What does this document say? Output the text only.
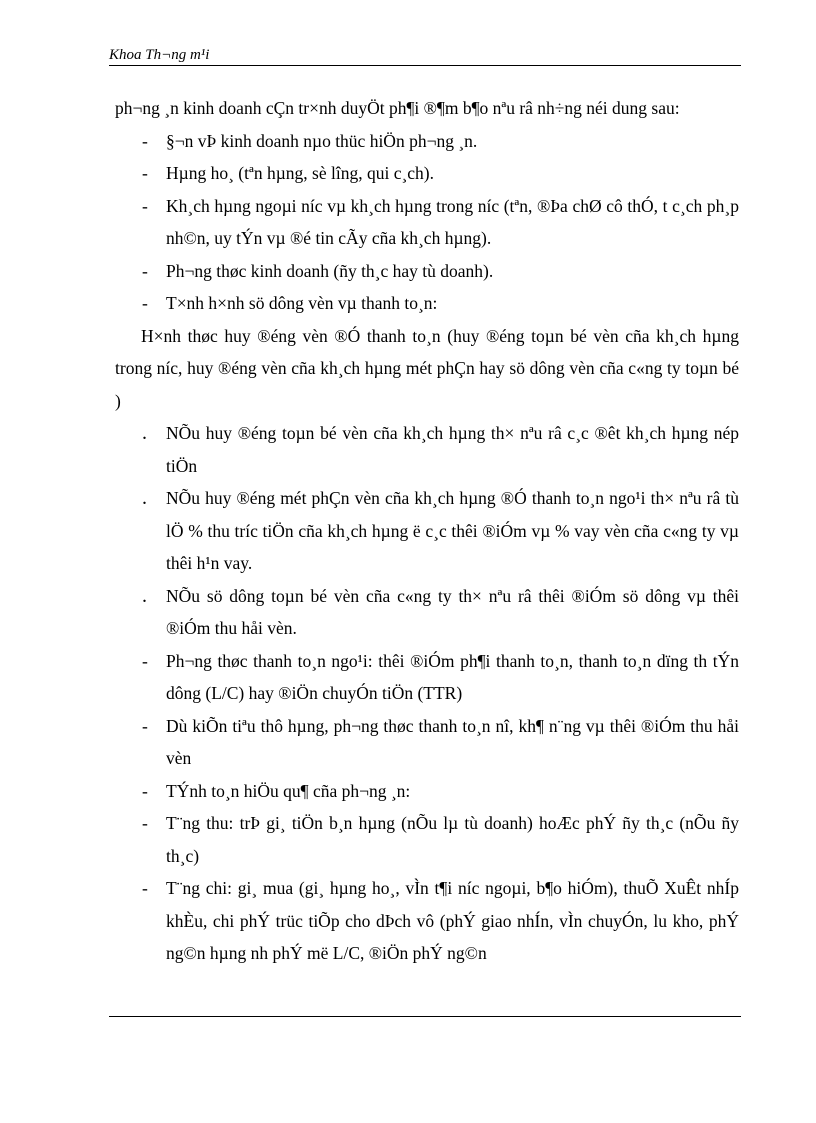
Khoa Th¬ng m¹i

ph¬ng ¸n kinh doanh cÇn tr×nh duyÖt ph¶i ®¶m b¶o nªu râ nh÷ng néi dung sau:

-	§¬n vÞ kinh doanh nµo thüc hiÖn ph¬ng ¸n.
-	Hµng ho¸ (tªn hµng, sè lîng, qui c¸ch).
-	Kh¸ch hµng ngoµi níc vµ kh¸ch hµng trong níc (tªn, ®Þa chØ cô thÓ, t c¸ch ph¸p nh©n, uy tÝn vµ ®é tin cÃy cña kh¸ch hµng).
-	Ph¬ng thøc kinh doanh (ñy th¸c hay tù doanh).
-	T×nh h×nh sö dông vèn vµ thanh to¸n:

H×nh thøc huy ®éng vèn ®Ó thanh to¸n (huy ®éng toµn bé vèn cña kh¸ch hµng trong níc, huy ®éng vèn cña kh¸ch hµng mét phÇn hay sö dông vèn cña c«ng ty toµn bé )

.	NÕu huy ®éng toµn bé vèn cña kh¸ch hµng th× nªu râ c¸c ®êt kh¸ch hµng nép tiÖn
.	NÕu huy ®éng mét phÇn vèn cña kh¸ch hµng ®Ó thanh to¸n ngo¹i th× nªu râ tù lÖ % thu tríc tiÖn cña kh¸ch hµng ë c¸c thêi ®iÓm vµ % vay vèn cña c«ng ty vµ thêi h¹n vay.
.	NÕu sö dông toµn bé vèn cña c«ng ty th× nªu râ thêi ®iÓm sö dông vµ thêi ®iÓm thu håi vèn.
-	Ph¬ng thøc thanh to¸n ngo¹i: thêi ®iÓm ph¶i thanh to¸n, thanh to¸n dïng th tÝn dông (L/C) hay ®iÖn chuyÓn tiÖn (TTR)
-	Dù kiÕn tiªu thô hµng, ph¬ng thøc thanh to¸n nî, kh¶ n¨ng vµ thêi ®iÓm thu håi vèn
-	TÝnh to¸n hiÖu qu¶ cña ph¬ng ¸n:
-	T¨ng thu: trÞ gi¸ tiÖn b¸n hµng (nÕu lµ tù doanh) hoÆc phÝ ñy th¸c (nÕu ñy th¸c)
-	T¨ng chi: gi¸ mua (gi¸ hµng ho¸, vÌn t¶i níc ngoµi, b¶o hiÓm), thuÕ XuÊt nhÍp khÈu, chi phÝ trüc tiÕp cho dÞch vô (phÝ giao nhÍn, vÌn chuyÓn, lu kho, phÝ ng©n hµng nh phÝ më L/C, ®iÖn phÝ ng©n
